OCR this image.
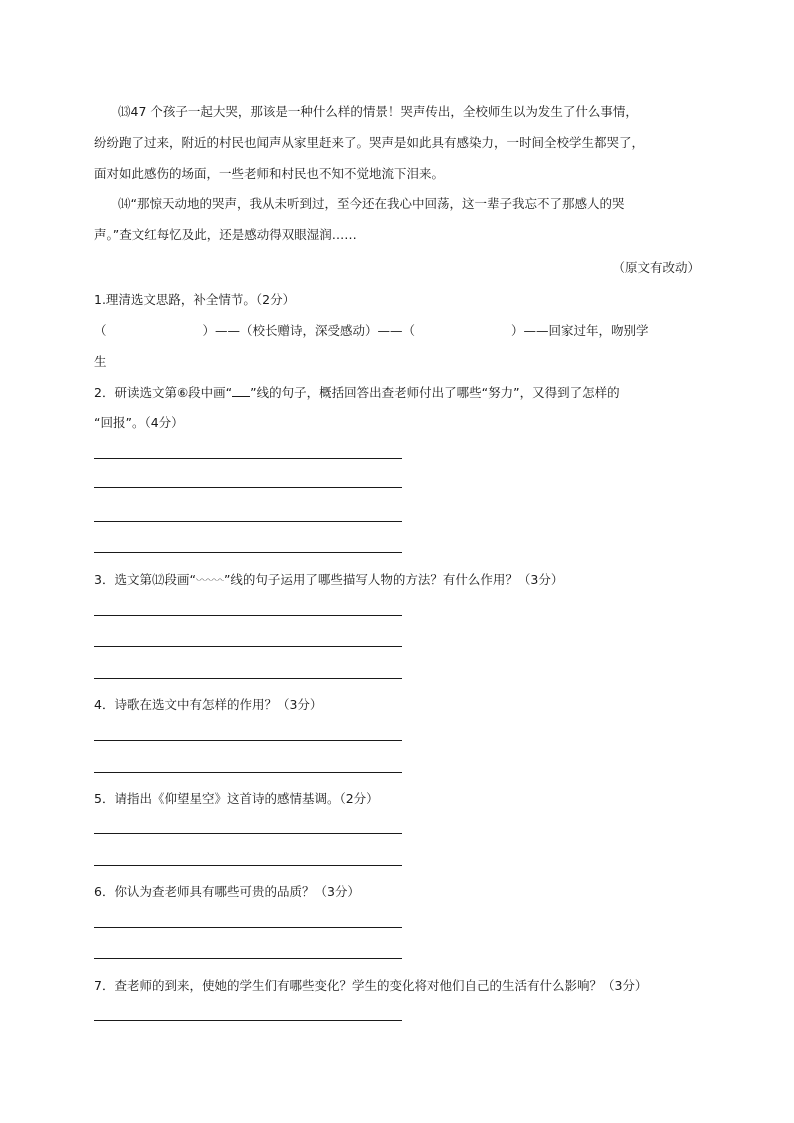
⒀47 个孩子一起大哭，那该是一种什么样的情景！哭声传出，全校师生以为发生了什么事情，
纷纷跑了过来，附近的村民也闻声从家里赶来了。哭声是如此具有感染力，一时间全校学生都哭了，
面对如此感伤的场面，一些老师和村民也不知不觉地流下泪来。
⒁“那惊天动地的哭声，我从未听到过，至今还在我心中回荡，这一辈子我忘不了那感人的哭
声。”查文红每忆及此，还是感动得双眼湿润……
（原文有改动）
1.理清选文思路，补全情节。（2分）
（	）——（校长赠诗，深受感动）——（	）——回家过年，吻别学
生
2．研读选文第⑥段中画“ ”线的句子，概括回答出查老师付出了哪些“努力”，又得到了怎样的
“回报”。（4分）
3．选文第⑿段画“ ”线的句子运用了哪些描写人物的方法？有什么作用？（3分）
4．诗歌在选文中有怎样的作用？（3分）
5．请指出《仰望星空》这首诗的感情基调。（2分）
6．你认为查老师具有哪些可贵的品质？（3分）
7．查老师的到来，使她的学生们有哪些变化？学生的变化将对他们自己的生活有什么影响？（3分）
